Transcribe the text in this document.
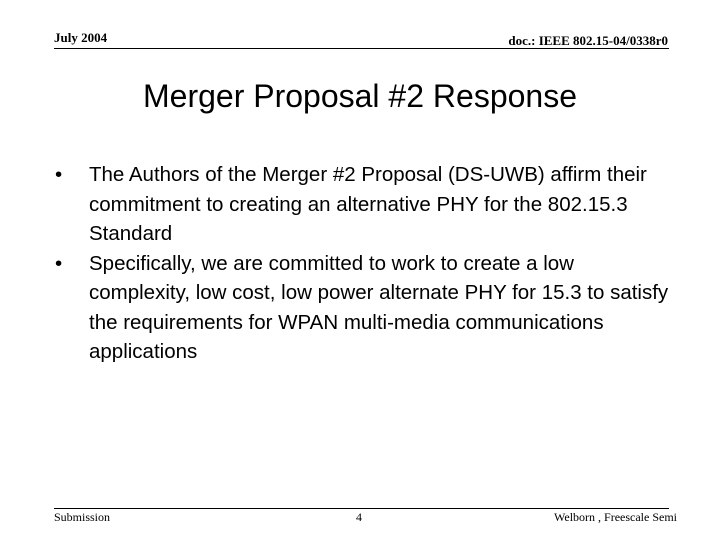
July 2004	doc.: IEEE 802.15-04/0338r0
Merger Proposal #2 Response
•	The Authors of the Merger #2 Proposal (DS-UWB) affirm their commitment to creating an alternative PHY for the 802.15.3 Standard
•	Specifically, we are committed to work to create a low complexity, low cost, low power alternate PHY for 15.3 to satisfy the requirements for WPAN multi-media communications applications
Submission	4	Welborn , Freescale Semi
